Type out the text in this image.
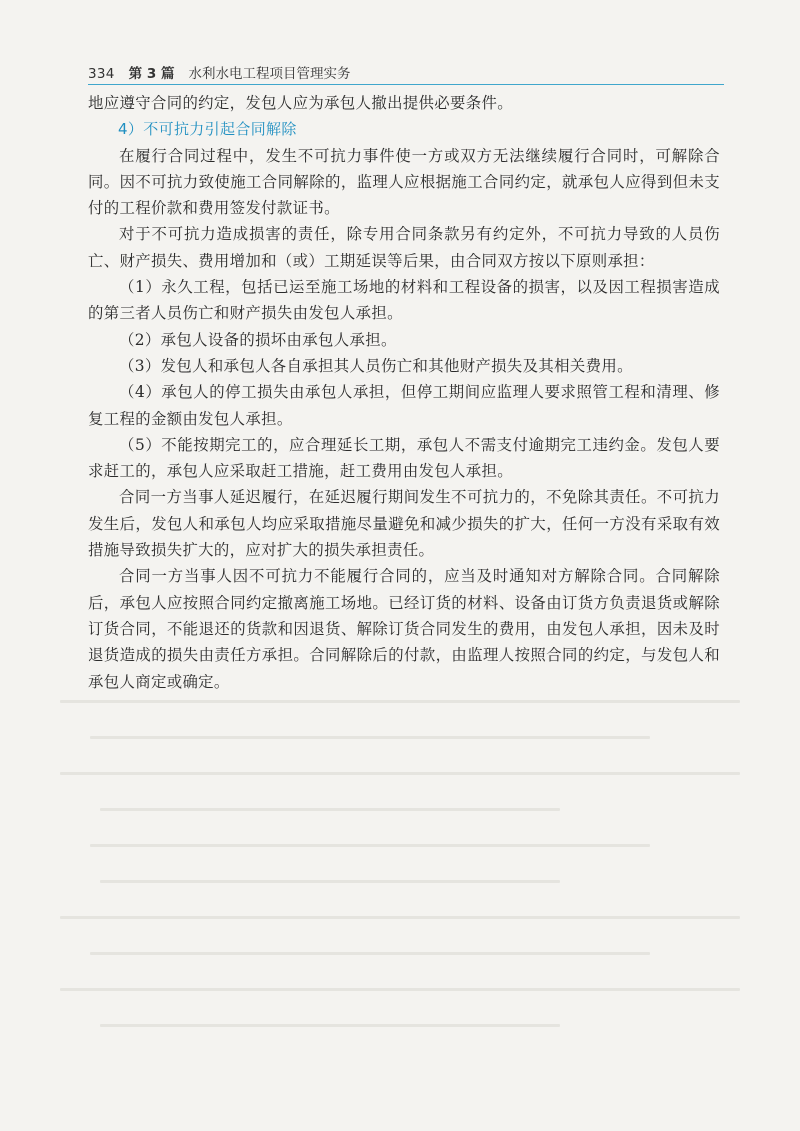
334 第 3 篇 水利水电工程项目管理实务

地应遵守合同的约定，发包人应为承包人撤出提供必要条件。

4）不可抗力引起合同解除

在履行合同过程中，发生不可抗力事件使一方或双方无法继续履行合同时，可解除合同。因不可抗力致使施工合同解除的，监理人应根据施工合同约定，就承包人应得到但未支付的工程价款和费用签发付款证书。

对于不可抗力造成损害的责任，除专用合同条款另有约定外，不可抗力导致的人员伤亡、财产损失、费用增加和（或）工期延误等后果，由合同双方按以下原则承担：

（1）永久工程，包括已运至施工场地的材料和工程设备的损害，以及因工程损害造成的第三者人员伤亡和财产损失由发包人承担。

（2）承包人设备的损坏由承包人承担。

（3）发包人和承包人各自承担其人员伤亡和其他财产损失及其相关费用。

（4）承包人的停工损失由承包人承担，但停工期间应监理人要求照管工程和清理、修复工程的金额由发包人承担。

（5）不能按期完工的，应合理延长工期，承包人不需支付逾期完工违约金。发包人要求赶工的，承包人应采取赶工措施，赶工费用由发包人承担。

合同一方当事人延迟履行，在延迟履行期间发生不可抗力的，不免除其责任。不可抗力发生后，发包人和承包人均应采取措施尽量避免和减少损失的扩大，任何一方没有采取有效措施导致损失扩大的，应对扩大的损失承担责任。

合同一方当事人因不可抗力不能履行合同的，应当及时通知对方解除合同。合同解除后，承包人应按照合同约定撤离施工场地。已经订货的材料、设备由订货方负责退货或解除订货合同，不能退还的货款和因退货、解除订货合同发生的费用，由发包人承担，因未及时退货造成的损失由责任方承担。合同解除后的付款，由监理人按照合同的约定，与发包人和承包人商定或确定。
